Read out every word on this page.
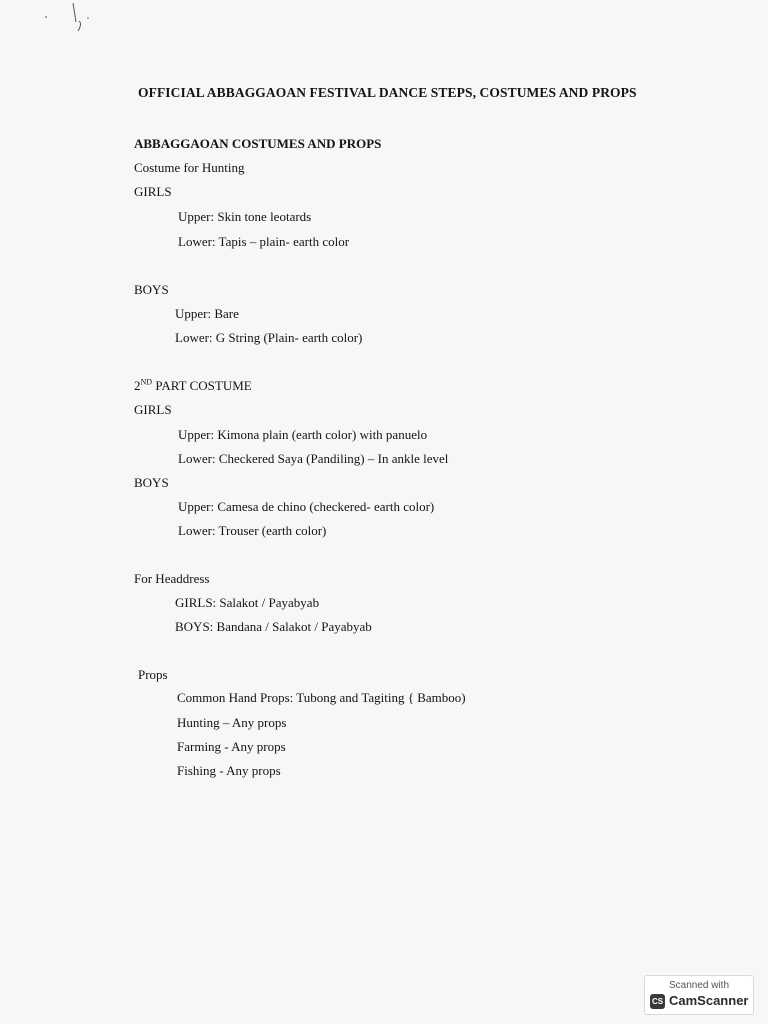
OFFICIAL ABBAGGAOAN FESTIVAL DANCE STEPS, COSTUMES AND PROPS
ABBAGGAOAN COSTUMES AND PROPS
Costume for Hunting
GIRLS
Upper: Skin tone leotards
Lower: Tapis – plain- earth color
BOYS
Upper: Bare
Lower: G String (Plain- earth color)
2ND PART COSTUME
GIRLS
Upper: Kimona plain (earth color) with panuelo
Lower: Checkered Saya (Pandiling) – In ankle level
BOYS
Upper: Camesa de chino (checkered- earth color)
Lower: Trouser (earth color)
For Headdress
GIRLS: Salakot / Payabyab
BOYS: Bandana / Salakot / Payabyab
Props
Common Hand Props: Tubong and Tagiting { Bamboo)
Hunting – Any props
Farming - Any props
Fishing - Any props
Scanned with
CS CamScanner
